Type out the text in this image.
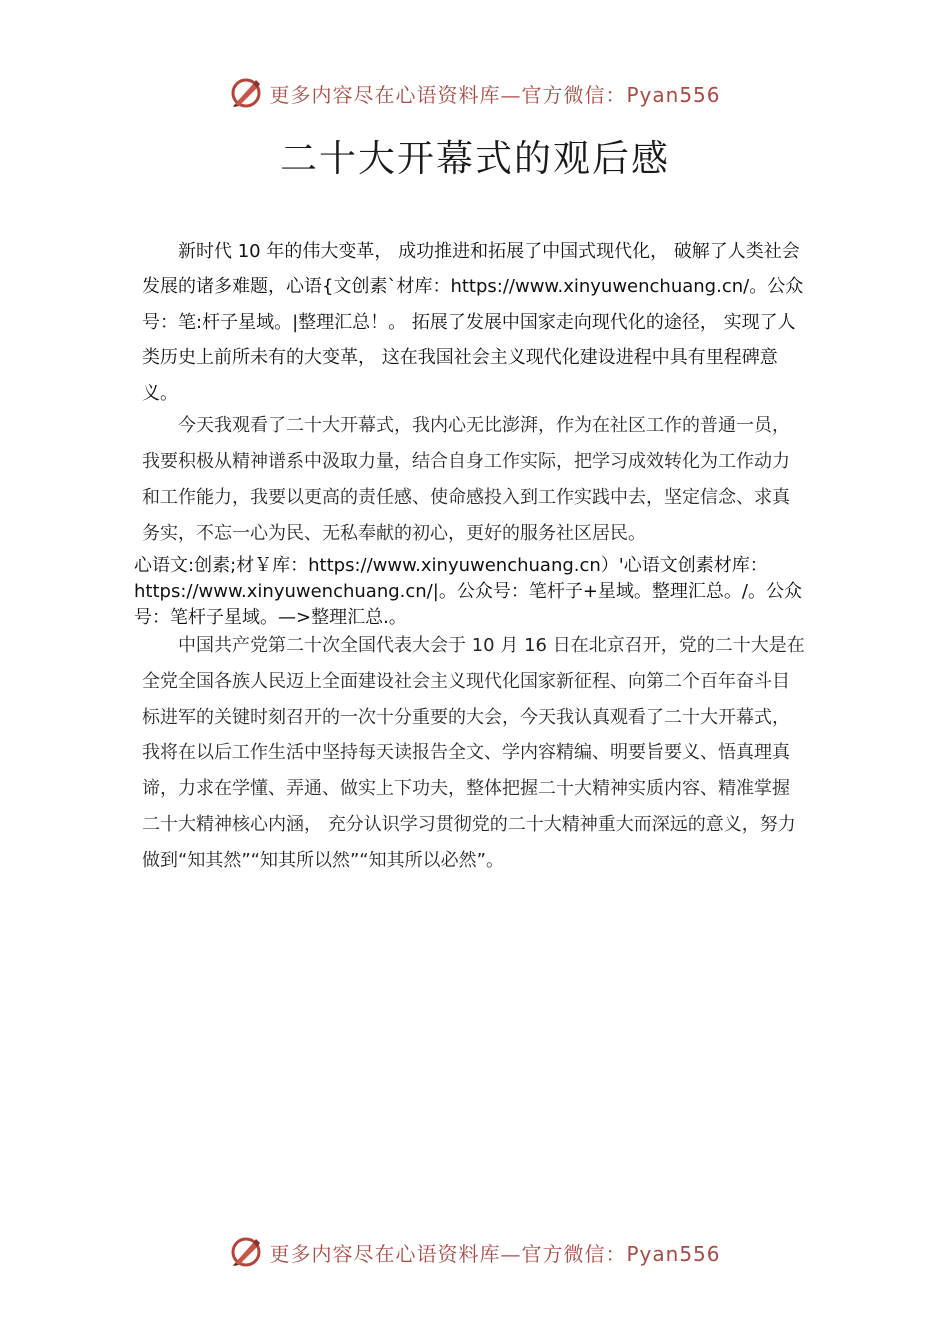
更多内容尽在心语资料库—官方微信：Pyan556
二十大开幕式的观后感

新时代 10 年的伟大变革， 成功推进和拓展了中国式现代化， 破解了人类社会发展的诸多难题，心语{文创素`材库：https://www.xinyuwenchuang.cn/。公众号：笔:杆子星域。|整理汇总！。 拓展了发展中国家走向现代化的途径， 实现了人类历史上前所未有的大变革， 这在我国社会主义现代化建设进程中具有里程碑意义。

今天我观看了二十大开幕式，我内心无比澎湃，作为在社区工作的普通一员，我要积极从精神谱系中汲取力量，结合自身工作实际，把学习成效转化为工作动力和工作能力，我要以更高的责任感、使命感投入到工作实践中去，坚定信念、求真务实，不忘一心为民、无私奉献的初心，更好的服务社区居民。

心语文:创素;材￥库：https://www.xinyuwenchuang.cn）'心语文创素材库：https://www.xinyuwenchuang.cn/|。公众号：笔杆子+星域。整理汇总。/。公众号：笔杆子星域。—>整理汇总.。

中国共产党第二十次全国代表大会于 10 月 16 日在北京召开，党的二十大是在全党全国各族人民迈上全面建设社会主义现代化国家新征程、向第二个百年奋斗目标进军的关键时刻召开的一次十分重要的大会，今天我认真观看了二十大开幕式，我将在以后工作生活中坚持每天读报告全文、学内容精编、明要旨要义、悟真理真谛，力求在学懂、弄通、做实上下功夫，整体把握二十大精神实质内容、精准掌握二十大精神核心内涵， 充分认识学习贯彻党的二十大精神重大而深远的意义，努力做到“知其然”“知其所以然”“知其所以必然”。

更多内容尽在心语资料库—官方微信：Pyan556
